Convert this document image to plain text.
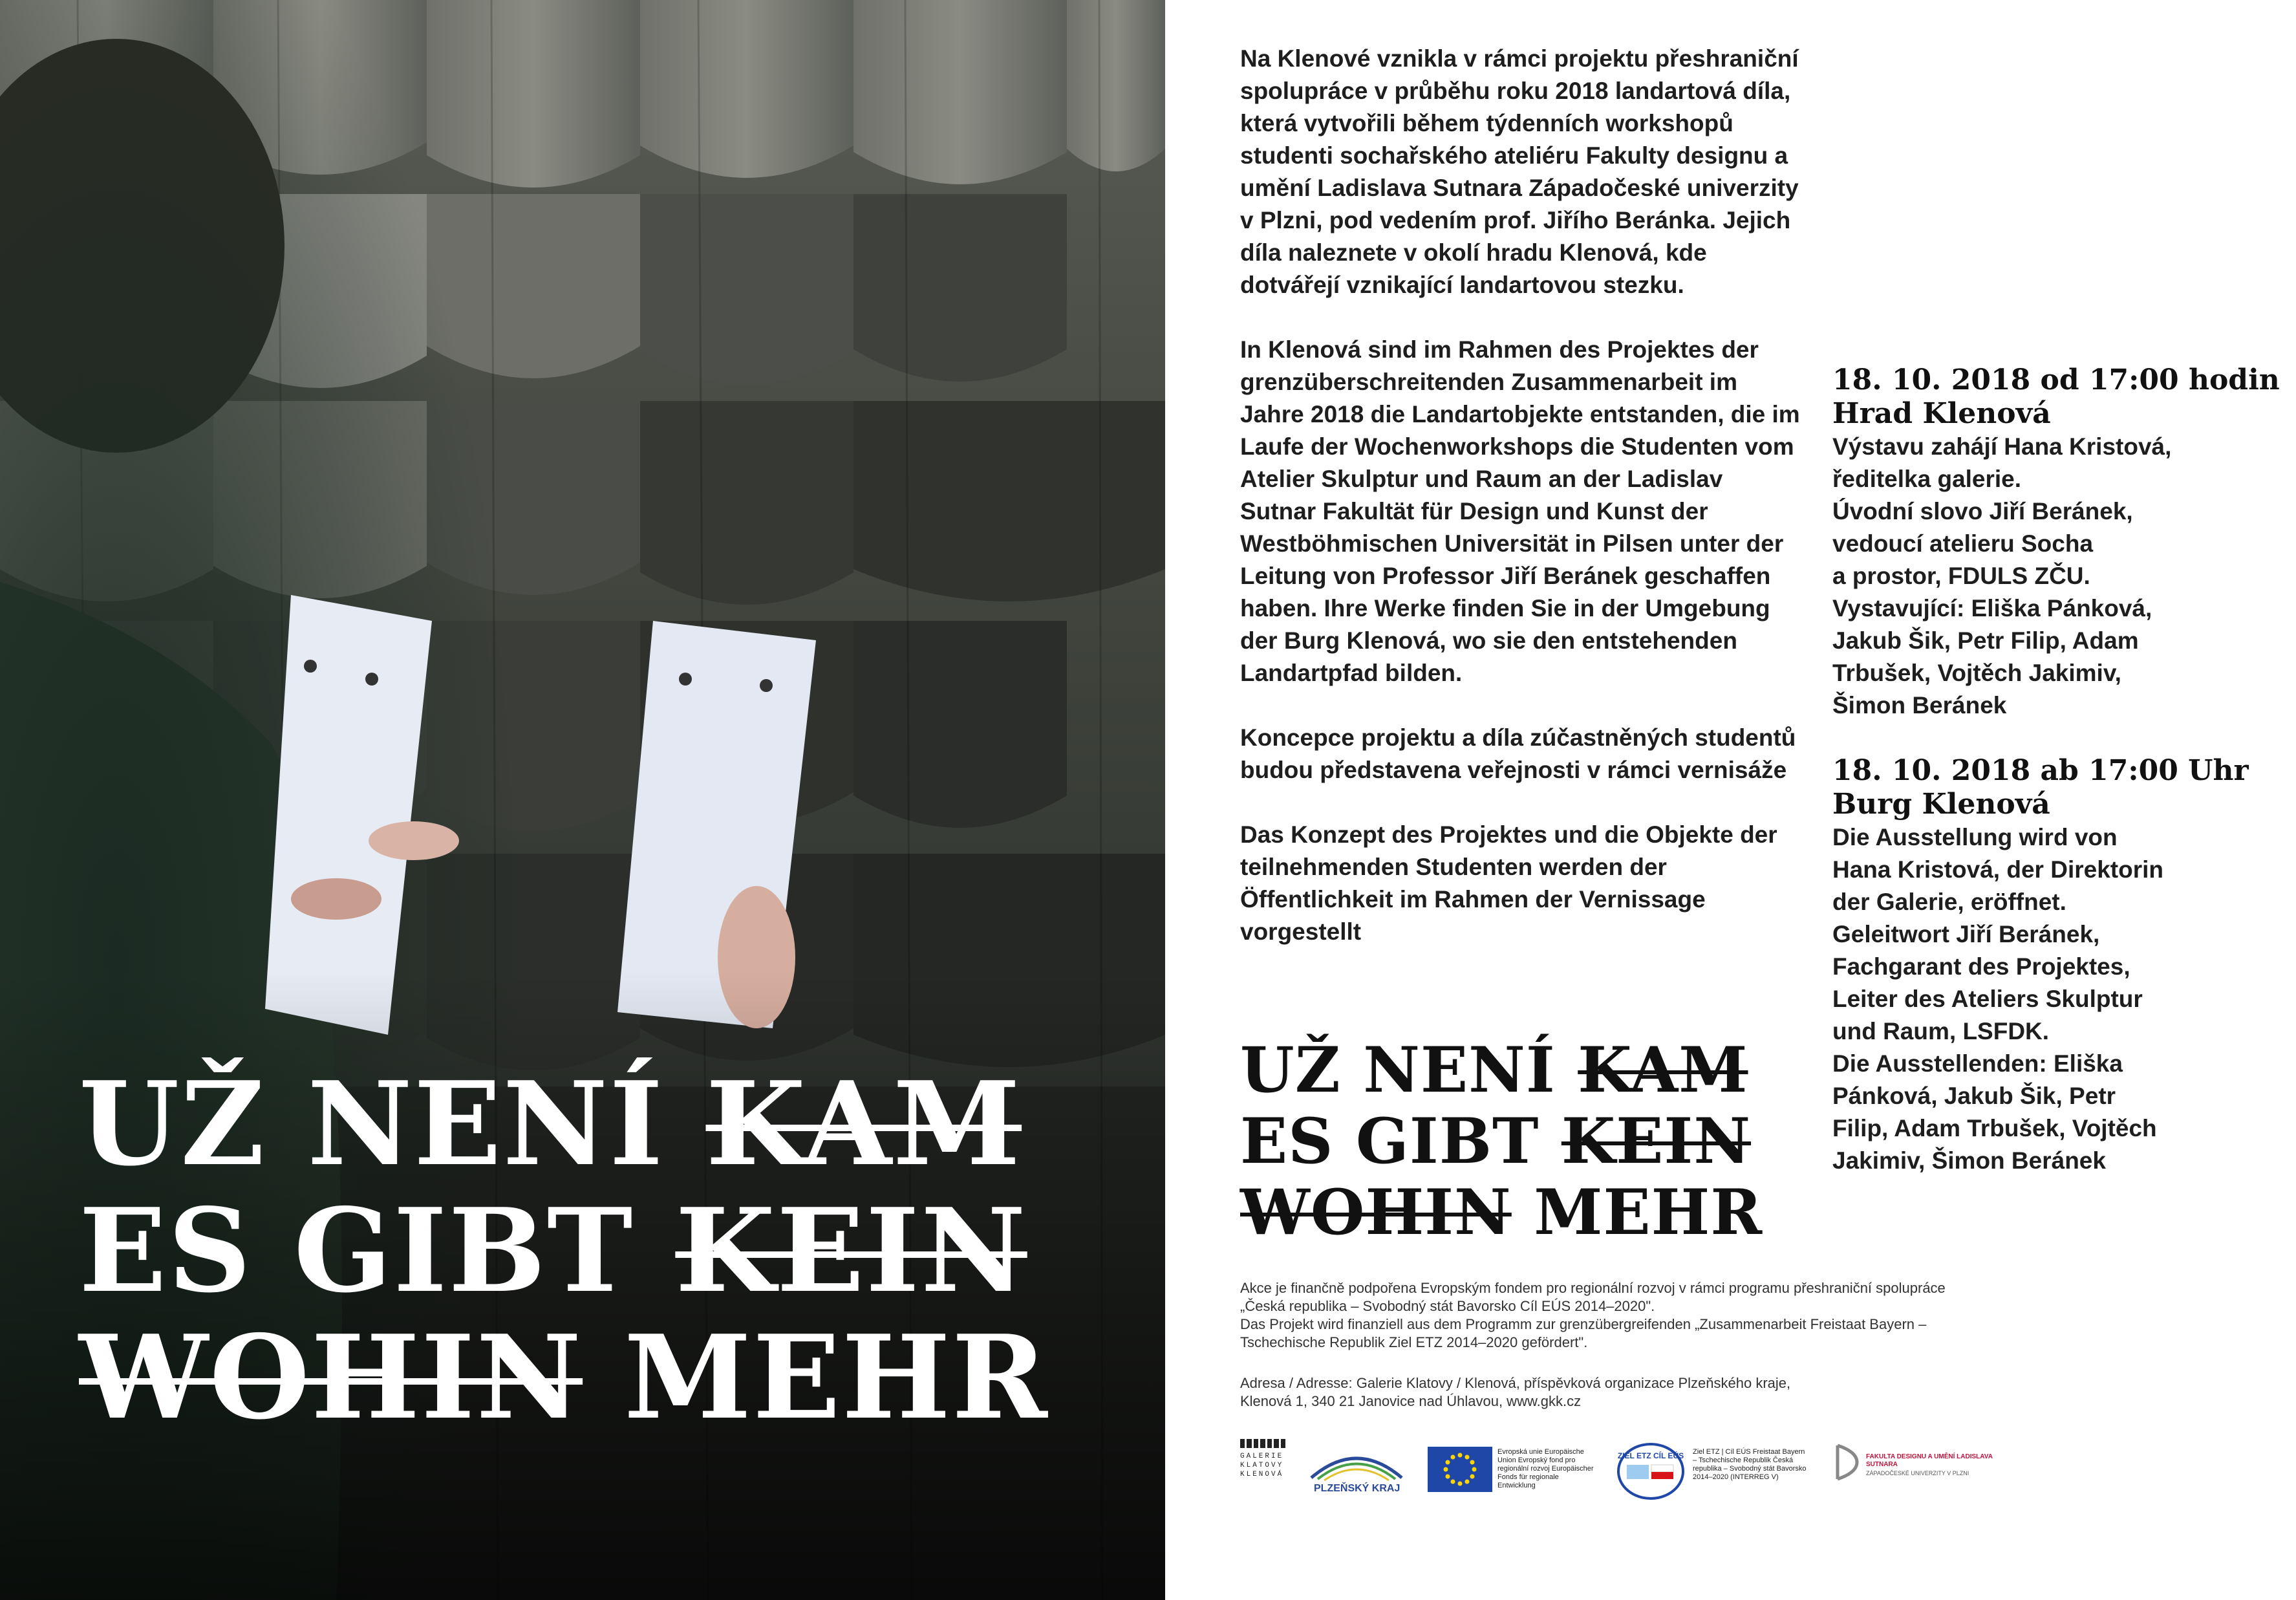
UŽ NENÍ KAM
ES GIBT KEIN
WOHIN MEHR

Na Klenové vznikla v rámci projektu přeshraniční spolupráce v průběhu roku 2018 landartová díla, která vytvořili během týdenních workshopů studenti sochařského ateliéru Fakulty designu a umění Ladislava Sutnara Západočeské univerzity v Plzni, pod vedením prof. Jiřího Beránka. Jejich díla naleznete v okolí hradu Klenová, kde dotvářejí vznikající landartovou stezku.

In Klenová sind im Rahmen des Projektes der grenzüberschreitenden Zusammenarbeit im Jahre 2018 die Landartobjekte entstanden, die im Laufe der Wochenworkshops die Studenten vom Atelier Skulptur und Raum an der Ladislav Sutnar Fakultät für Design und Kunst der Westböhmischen Universität in Pilsen unter der Leitung von Professor Jiří Beránek geschaffen haben. Ihre Werke finden Sie in der Umgebung der Burg Klenová, wo sie den entstehenden Landartpfad bilden.

Koncepce projektu a díla zúčastněných studentů budou představena veřejnosti v rámci vernisáže

Das Konzept des Projektes und die Objekte der teilnehmenden Studenten werden der Öffentlichkeit im Rahmen der Vernissage vorgestellt

18. 10. 2018 od 17:00 hodin
Hrad Klenová
Výstavu zahájí Hana Kristová,
ředitelka galerie.
Úvodní slovo Jiří Beránek,
vedoucí atelieru Socha
a prostor, FDULS ZČU.
Vystavující: Eliška Pánková,
Jakub Šik, Petr Filip, Adam
Trbušek, Vojtěch Jakimiv,
Šimon Beránek
18. 10. 2018 ab 17:00 Uhr
Burg Klenová
Die Ausstellung wird von
Hana Kristová, der Direktorin
der Galerie, eröffnet.
Geleitwort Jiří Beránek,
Fachgarant des Projektes,
Leiter des Ateliers Skulptur
und Raum, LSFDK.
Die Ausstellenden: Eliška
Pánková, Jakub Šik, Petr
Filip, Adam Trbušek, Vojtěch
Jakimiv, Šimon Beránek
UŽ NENÍ KAM
ES GIBT KEIN
WOHIN MEHR
Akce je finančně podpořena Evropským fondem pro regionální rozvoj v rámci programu přeshraniční spolupráce „Česká republika – Svobodný stát Bavorsko Cíl EÚS 2014–2020".
Das Projekt wird finanziell aus dem Programm zur grenzübergreifenden „Zusammenarbeit Freistaat Bayern – Tschechische Republik Ziel ETZ 2014–2020 gefördert".
Adresa / Adresse: Galerie Klatovy / Klenová, příspěvková organizace Plzeňského kraje,
Klenová 1, 340 21 Janovice nad Úhlavou, www.gkk.cz
GALERIE KLATOVY KLENOVÁ
PLZEŇSKÝ KRAJ
Evropská unie Europäische Union Evropský fond pro regionální rozvoj Europäischer Fonds für regionale Entwicklung
ZIEL ETZ CÍL EÚS Ziel ETZ | Cíl EÚS Freistaat Bayern – Tschechische Republik Česká republika – Svobodný stát Bavorsko 2014–2020 (INTERREG V)
FAKULTA DESIGNU A UMĚNÍ LADISLAVA SUTNARA
ZÁPADOČESKÉ UNIVERZITY V PLZNI
